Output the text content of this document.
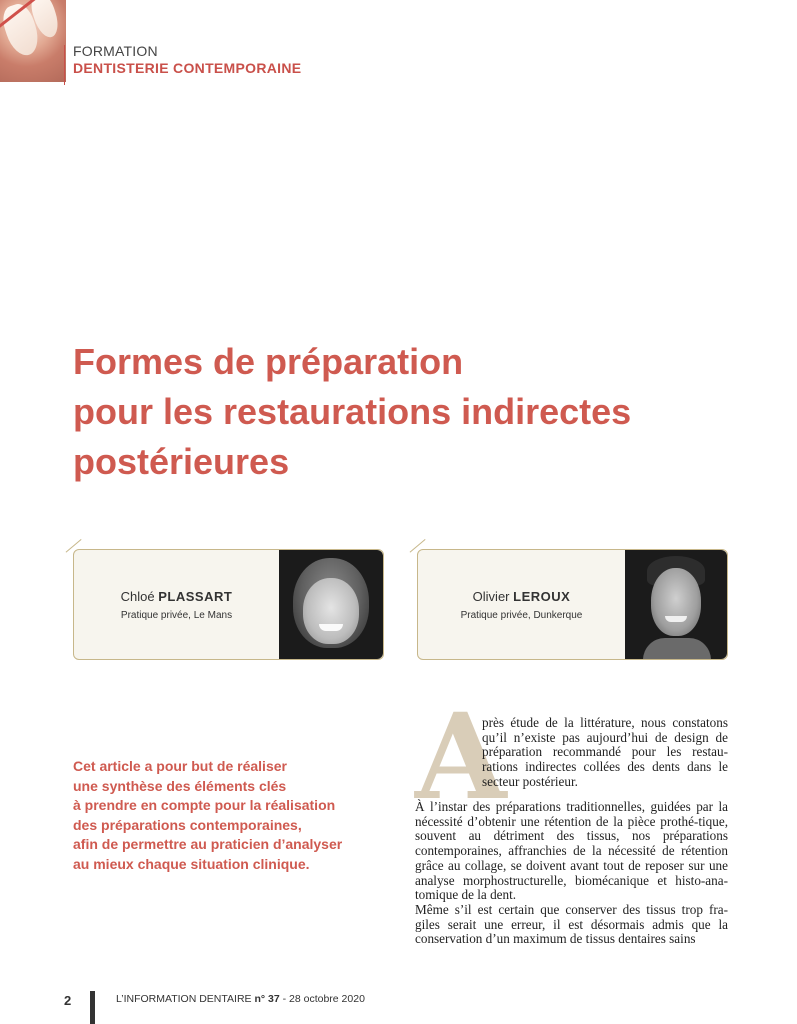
FORMATION
DENTISTERIE CONTEMPORAINE
Formes de préparation
pour les restaurations indirectes
postérieures
Chloé PLASSART
Pratique privée, Le Mans
Olivier LEROUX
Pratique privée, Dunkerque
Cet article a pour but de réaliser
une synthèse des éléments clés
à prendre en compte pour la réalisation
des préparations contemporaines,
afin de permettre au praticien d’analyser
au mieux chaque situation clinique.
A
près étude de la littérature, nous constatons
qu’il n’existe pas aujourd’hui de design de
préparation recommandé pour les restau-
rations indirectes collées des dents dans le
secteur postérieur.

À l’instar des préparations traditionnelles, guidées par la nécessité d’obtenir une rétention de la pièce prothé-tique, souvent au détriment des tissus, nos préparations contemporaines, affranchies de la nécessité de rétention grâce au collage, se doivent avant tout de reposer sur une analyse morphostructurelle, biomécanique et histo-ana-tomique de la dent.

Même s’il est certain que conserver des tissus trop fra-giles serait une erreur, il est désormais admis que la conservation d’un maximum de tissus dentaires sains

2	L’INFORMATION DENTAIRE n° 37 - 28 octobre 2020
